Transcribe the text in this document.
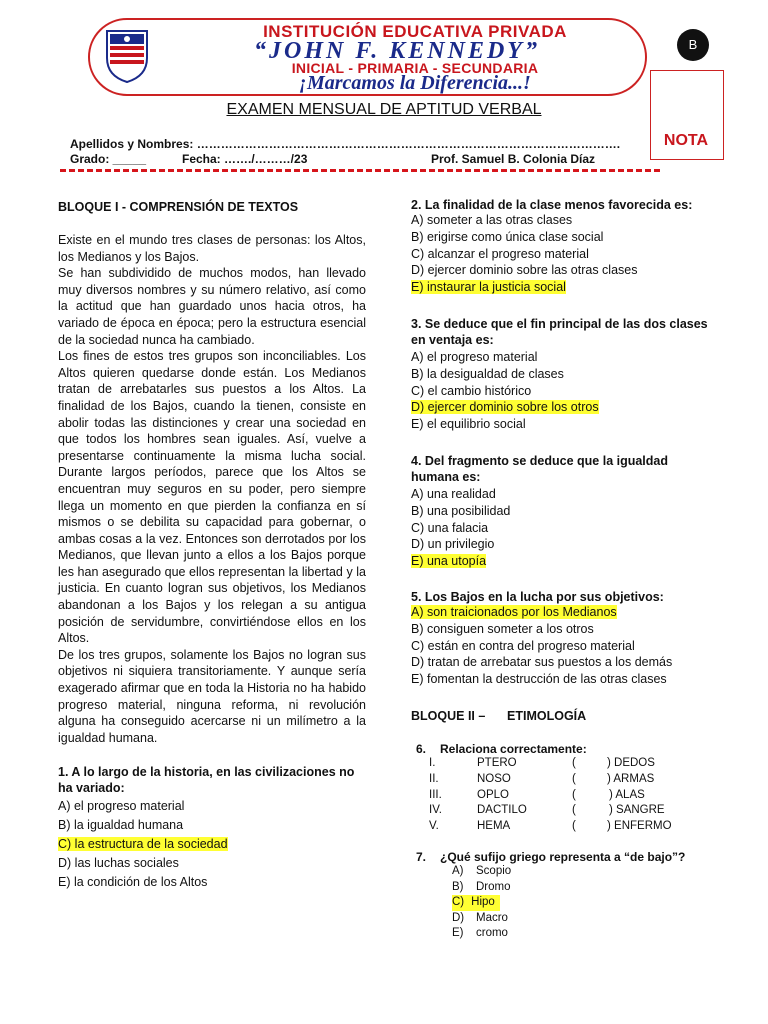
INSTITUCIÓN EDUCATIVA PRIVADA
“JOHN F. KENNEDY”
INICIAL - PRIMARIA - SECUNDARIA
¡Marcamos la Diferencia...!
B
NOTA
EXAMEN MENSUAL DE APTITUD VERBAL
Apellidos y Nombres: …………………………………………………………………………………………….
Grado: _____	Fecha: ……./………/23	Prof. Samuel B. Colonia Díaz
BLOQUE I - COMPRENSIÓN DE TEXTOS
Existe en el mundo tres clases de personas: los Altos, los Medianos y los Bajos.
Se han subdividido de muchos modos, han llevado muy diversos nombres y su número relativo, así como la actitud que han guardado unos hacia otros, ha variado de época en época; pero la estructura esencial de la sociedad nunca ha cambiado.
Los fines de estos tres grupos son inconciliables. Los Altos quieren quedarse donde están. Los Medianos tratan de arrebatarles sus puestos a los Altos. La finalidad de los Bajos, cuando la tienen, consiste en abolir todas las distinciones y crear una sociedad en que todos los hombres sean iguales. Así, vuelve a presentarse continuamente la misma lucha social. Durante largos períodos, parece que los Altos se encuentran muy seguros en su poder, pero siempre llega un momento en que pierden la confianza en sí mismos o se debilita su capacidad para gobernar, o ambas cosas a la vez. Entonces son derrotados por los Medianos, que llevan junto a ellos a los Bajos porque les han asegurado que ellos representan la libertad y la justicia. En cuanto logran sus objetivos, los Medianos abandonan a los Bajos y los relegan a su antigua posición de servidumbre, convirtiéndose ellos en los Altos.
De los tres grupos, solamente los Bajos no logran sus objetivos ni siquiera transitoriamente. Y aunque sería exagerado afirmar que en toda la Historia no ha habido progreso material, ninguna reforma, ni revolución alguna ha conseguido acercarse ni un milímetro a la igualdad humana.
1. A lo largo de la historia, en las civilizaciones no ha variado:
A) el progreso material
B) la igualdad humana
C) la estructura de la sociedad
D) las luchas sociales
E) la condición de los Altos
2. La finalidad de la clase menos favorecida es:
A) someter a las otras clases
B) erigirse como única clase social
C) alcanzar el progreso material
D) ejercer dominio sobre las otras clases
E) instaurar la justicia social
3. Se deduce que el fin principal de las dos clases en ventaja es:
A) el progreso material
B) la desigualdad de clases
C) el cambio histórico
D) ejercer dominio sobre los otros
E) el equilibrio social
4. Del fragmento se deduce que la igualdad humana es:
A) una realidad
B) una posibilidad
C) una falacia
D) un privilegio
E) una utopía
5. Los Bajos en la lucha por sus objetivos:
A) son traicionados por los Medianos
B) consiguen someter a los otros
C) están en contra del progreso material
D) tratan de arrebatar sus puestos a los demás
E) fomentan la destrucción de las otras clases
BLOQUE II – ETIMOLOGÍA
6. Relaciona correctamente:
I.	PTERO	(	) DEDOS
II.	NOSO	(	) ARMAS
III.	OPLO	(	) ALAS
IV.	DACTILO	(	) SANGRE
V.	HEMA	(	) ENFERMO
7. ¿Qué sufijo griego representa a “de bajo”?
A) Scopio
B) Dromo
C) Hipo
D) Macro
E) cromo
